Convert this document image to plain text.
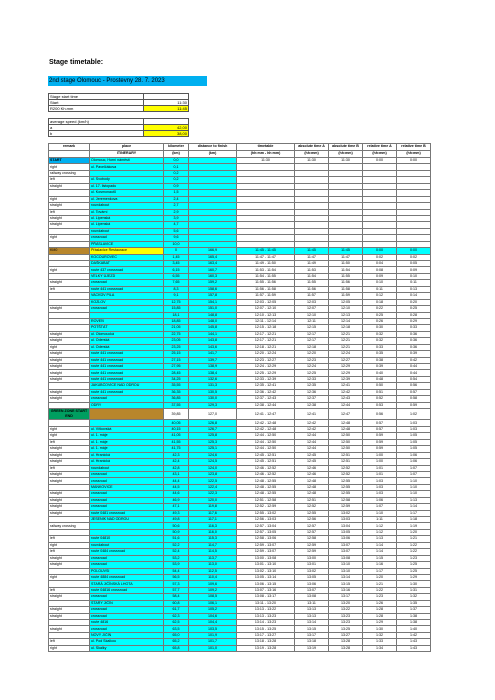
Stage timetable:
2nd stage Olomouc - Prostevny 28. 7. 2023
Stage start time	
Start	11:30
R200 Kh.mm	11:45
average speed (km/h)	
a	42,00
b	38,00
remark	place	kilometer	distance to finish	timetable	absolute time A	absolute time B	relative time A	relative time B
	ITINERARY	(km)	(km)	(hh:mm - hh:mm)	(hh:mm)	(hh:mm)	(hh:mm)	(hh:mm)
START	Olomouc, Horní náměstí	0,0		11:30	11:30	11:30	0:00	0:00
right	ul. Pavelčákova	0,1						
railway crossing		0,2						
left	ul. Svobody	0,2						
straight	ul. 17. listopadu	0,9						
	ul. Kosmonautů	1,5						
right	ul. Jeremenkova	2,4						
straight	roundabout	2,7						
left	ul. Tovární	2,9						
straight	ul. Lipenská	3,9						
straight	ul. Lipenská	4,7						
	roundabout	5,6						
right	crossroad	9,6						
	PŘÁSLAVICE	10,0						
KM0	Přáslavice Restaurace	0	166,9	11:45 - 11:45	11:45	11:45	0:00	0:00
	KOCOUROVEC	1,45	165,4	11:47 - 11:47	11:47	11:47	0:02	0:02
	DAŠKABAT	3,45	163,4	11:49 - 11:50	11:49	11:50	0:04	0:05
right	route 437 crossroad	6,15	160,7	11:53 - 11:54	11:53	11:54	0:08	0:09
	VELKÝ ÚJEZD	6,55	160,3	11:54 - 11:55	11:54	11:55	0:09	0:10
straight	crossroad	7,65	159,2	11:55 - 11:56	11:55	11:56	0:10	0:11
left	route 441 crossroad	8,3	158,6	11:56 - 11:58	11:56	11:58	0:11	0:13
	VACKŮV PILA	9,1	157,8	11:57 - 11:59	11:57	11:59	0:12	0:14
	KOZLOV	12,75	154,1	12:03 - 12:05	12:03	12:05	0:18	0:20
straight	crossroad	15,85	151,0	12:07 - 12:10	12:07	12:10	0:22	0:25
		18,1	148,8	12:10 - 12:13	12:10	12:13	0:25	0:28
	ROVEŇ	18,85	148,0	12:11 - 12:14	12:11	12:14	0:26	0:29
	POTŠTÁT	21,05	145,8	12:15 - 12:18	12:15	12:18	0:30	0:33
straight	ul. Olomoucká	22,75	144,1	12:17 - 12:21	12:17	12:21	0:32	0:36
straight	ul. Oderská	23,05	143,8	12:17 - 12:21	12:17	12:21	0:32	0:36
right	ul. Oderská	23,25	143,6	12:18 - 12:21	12:18	12:21	0:33	0:36
straight	route 441 crossroad	25,15	141,7	12:20 - 12:24	12:20	12:24	0:35	0:39
straight	route 441 crossroad	27,15	139,7	12:23 - 12:27	12:23	12:27	0:38	0:42
straight	route 441 crossroad	27,95	138,9	12:24 - 12:29	12:24	12:29	0:39	0:44
straight	route 441 crossroad	28,45	138,4	12:25 - 12:29	12:25	12:29	0:40	0:44
straight	route 441 crossroad	34,25	132,6	12:33 - 12:39	12:33	12:39	0:48	0:54
	JAKUBČOVICE NAD ODROU	35,55	131,3	12:35 - 12:41	12:35	12:41	0:50	0:56
straight	route 441 crossroad	36,35	130,5	12:36 - 12:42	12:36	12:42	0:51	0:57
straight	crossroad	36,85	130,0	12:37 - 12:43	12:37	12:43	0:52	0:58
	ODRY	37,55	129,3	12:38 - 12:44	12:38	12:44	0:53	0:59
GREEN ZONE START END		39,85	127,0	12:41 - 12:47	12:41	12:47	0:56	1:02
		40,05	126,8	12:42 - 12:48	12:42	12:48	0:57	1:03
right	ul. Vítkovská	40,15	126,7	12:42 - 12:48	12:42	12:48	0:57	1:03
right	ul. 1. máje	41,05	125,8	12:44 - 12:50	12:44	12:50	0:59	1:05
left	ul. 1. máje	41,55	125,3	12:44 - 12:50	12:44	12:50	0:59	1:05
straight	ul. 1. máje	41,75	125,1	12:44 - 12:50	12:44	12:50	0:59	1:05
straight	ul. Hranická	42,3	124,6	12:45 - 12:51	12:45	12:51	1:00	1:06
straight	ul. Hranická	42,4	124,5	12:45 - 12:51	12:45	12:51	1:00	1:06
left	roundabout	42,8	124,0	12:46 - 12:52	12:46	12:52	1:01	1:07
straight	crossroad	43,1	123,8	12:46 - 12:52	12:46	12:52	1:01	1:07
straight	crossroad	44,4	122,5	12:48 - 12:55	12:48	12:55	1:03	1:10
	MANKOVICE	44,5	122,4	12:48 - 12:55	12:48	12:55	1:03	1:10
straight	crossroad	44,6	122,3	12:48 - 12:55	12:48	12:55	1:03	1:10
straight	crossroad	46,9	120,0	12:51 - 12:58	12:51	12:58	1:06	1:13
straight	crossroad	47,1	119,8	12:52 - 12:59	12:52	12:59	1:07	1:14
straight	route 0481 crossroad	49,3	117,6	12:55 - 13:02	12:55	13:02	1:10	1:17
	JESENÍK NAD ODROU	49,8	117,1	12:56 - 13:03	12:56	13:03	1:11	1:18
railway crossing		50,6	116,3	12:57 - 13:04	12:57	13:04	1:12	1:19
		50,9	116,0	12:57 - 13:05	12:57	13:05	1:12	1:20
left	route 04810	51,6	115,3	12:58 - 13:06	12:58	13:06	1:13	1:21
right	roundabout	52,2	114,7	12:59 - 13:07	12:59	13:07	1:14	1:22
left	route 0484 crossroad	52,4	114,5	12:59 - 13:07	12:59	13:07	1:14	1:22
straight	crossroad	53,2	113,7	13:00 - 13:08	13:00	13:08	1:15	1:23
straight	crossroad	53,9	113,0	13:01 - 13:10	13:01	13:10	1:16	1:25
	POLOUVSI	54,4	112,5	13:02 - 13:10	13:02	13:10	1:17	1:25
right	route 4884 crossroad	56,5	110,4	13:05 - 13:14	13:05	13:14	1:20	1:29
	STARÁ JIČÍNSKÁ LHOTA	57,3	109,6	13:06 - 13:15	13:06	13:15	1:21	1:30
left	route 04816 crossroad	57,7	109,2	13:07 - 13:16	13:07	13:16	1:22	1:31
straight	crossroad	58,4	108,5	13:08 - 13:17	13:08	13:17	1:23	1:32
	STARÝ JIČÍN	60,8	106,1	13:11 - 13:20	13:11	13:20	1:26	1:35
straight	crossroad	61,7	105,2	13:13 - 13:22	13:13	13:22	1:28	1:37
straight	crossroad	62,3	104,6	13:13 - 13:23	13:13	13:23	1:28	1:38
	route 4816	62,5	104,4	13:14 - 13:23	13:14	13:23	1:29	1:38
straight	crossroad	63,5	103,5	13:15 - 13:25	13:15	13:25	1:30	1:40
	NOVÝ JIČÍN	65,0	101,9	13:17 - 13:27	13:17	13:27	1:32	1:42
left	ul. Pod Skalkou	65,2	101,7	13:18 - 13:28	13:18	13:28	1:33	1:43
right	ul. Skalky	65,8	101,0	13:19 - 13:28	13:19	13:28	1:34	1:43
